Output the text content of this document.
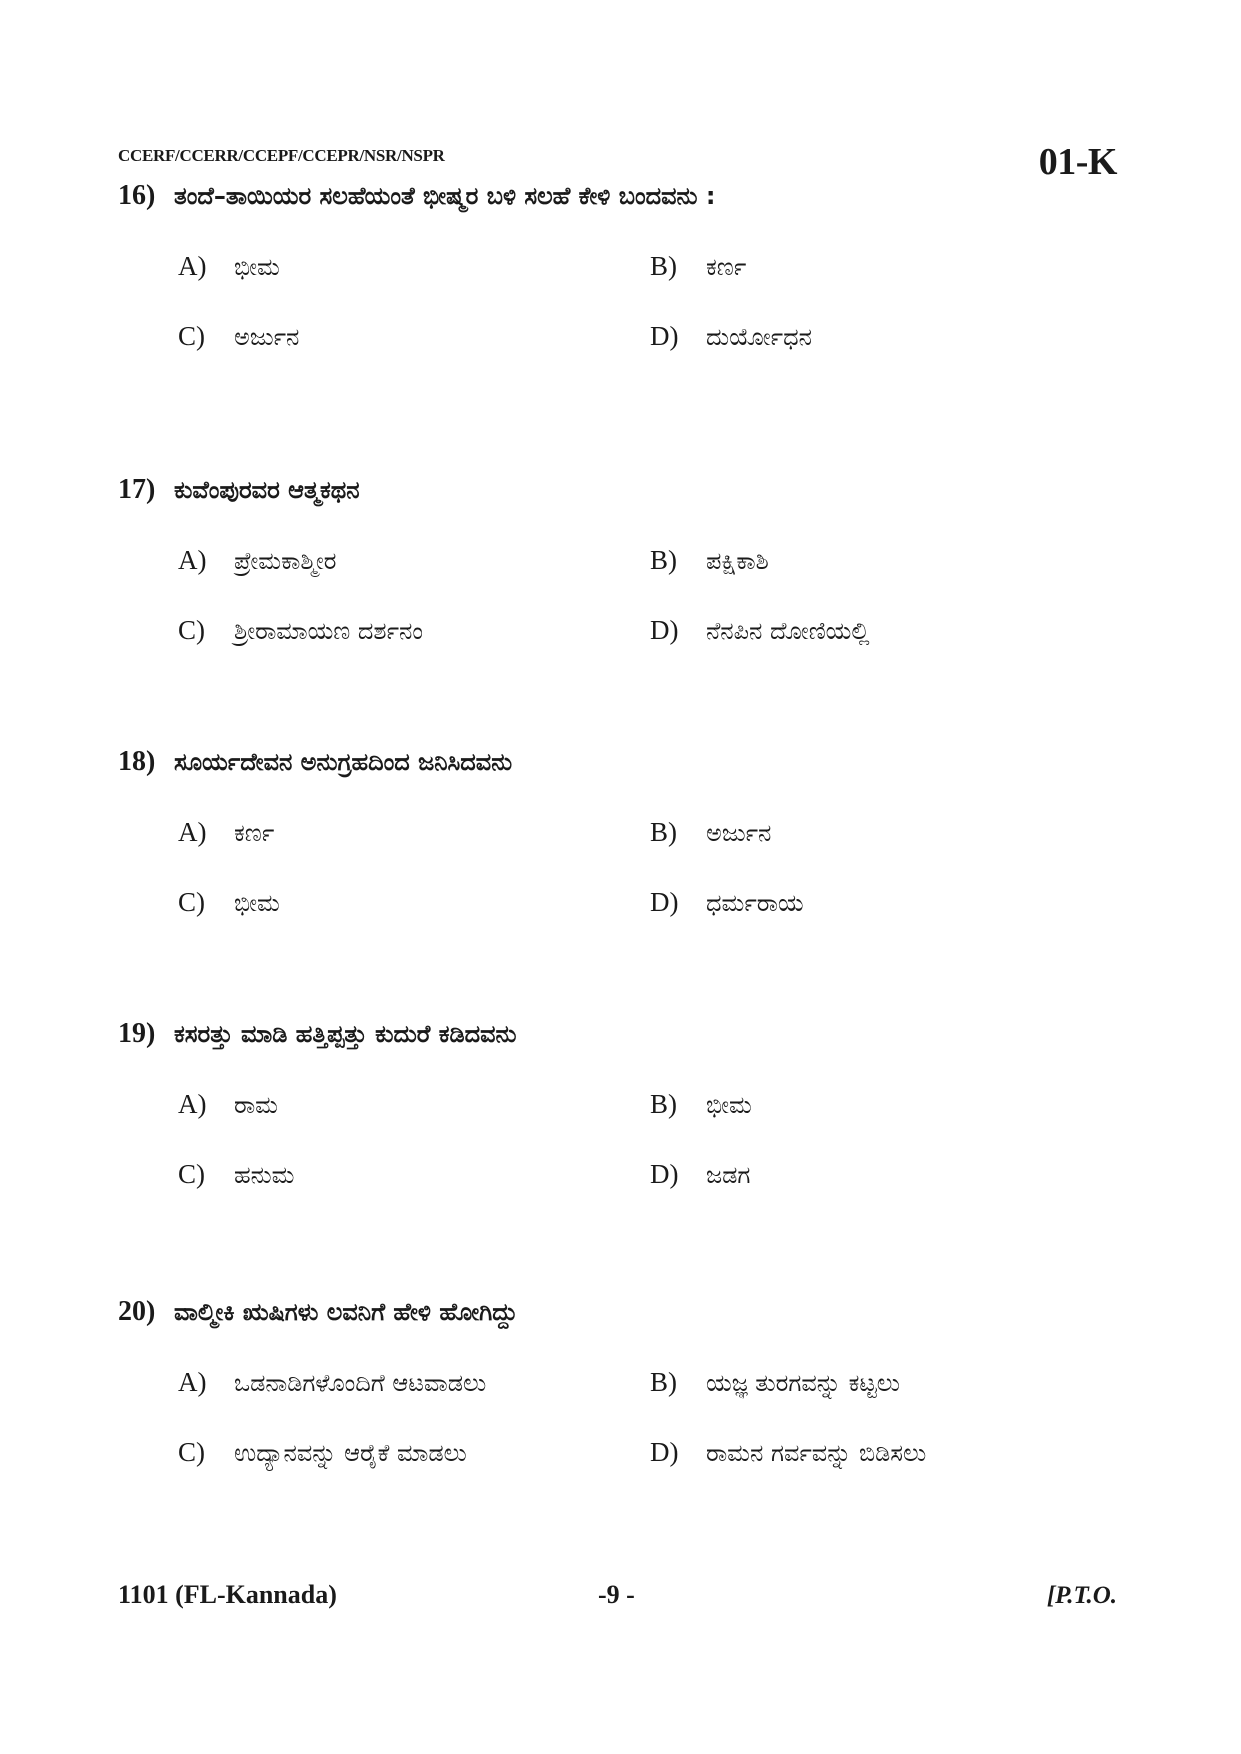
CCERF/CCERR/CCEPF/CCEPR/NSR/NSPR	01-K
16) ತಂದೆ–ತಾಯಿಯರ ಸಲಹೆಯಂತೆ ಭೀಷ್ಮರ ಬಳಿ ಸಲಹೆ ಕೇಳಿ ಬಂದವನು :
A)	ಭೀಮ	B)	ಕರ್ಣ
C)	ಅರ್ಜುನ	D)	ದುರ್ಯೋಧನ
17) ಕುವೆಂಪುರವರ ಆತ್ಮಕಥನ
A)	ಪ್ರೇಮಕಾಶ್ಮೀರ	B)	ಪಕ್ಷಿಕಾಶಿ
C)	ಶ್ರೀರಾಮಾಯಣ ದರ್ಶನಂ	D)	ನೆನಪಿನ ದೋಣಿಯಲ್ಲಿ
18) ಸೂರ್ಯದೇವನ ಅನುಗ್ರಹದಿಂದ ಜನಿಸಿದವನು
A)	ಕರ್ಣ	B)	ಅರ್ಜುನ
C)	ಭೀಮ	D)	ಧರ್ಮರಾಯ
19) ಕಸರತ್ತು ಮಾಡಿ ಹತ್ತಿಪ್ಪತ್ತು ಕುದುರೆ ಕಡಿದವನು
A)	ರಾಮ	B)	ಭೀಮ
C)	ಹನುಮ	D)	ಜಡಗ
20) ವಾಲ್ಮೀಕಿ ಋಷಿಗಳು ಲವನಿಗೆ ಹೇಳಿ ಹೋಗಿದ್ದು
A)	ಒಡನಾಡಿಗಳೊಂದಿಗೆ ಆಟವಾಡಲು	B)	ಯಜ್ಞ ತುರಗವನ್ನು ಕಟ್ಟಲು
C)	ಉದ್ಯಾನವನ್ನು ಆರೈಕೆ ಮಾಡಲು	D)	ರಾಮನ ಗರ್ವವನ್ನು ಬಿಡಿಸಲು
1101 (FL-Kannada)	-9 -	[P.T.O.
